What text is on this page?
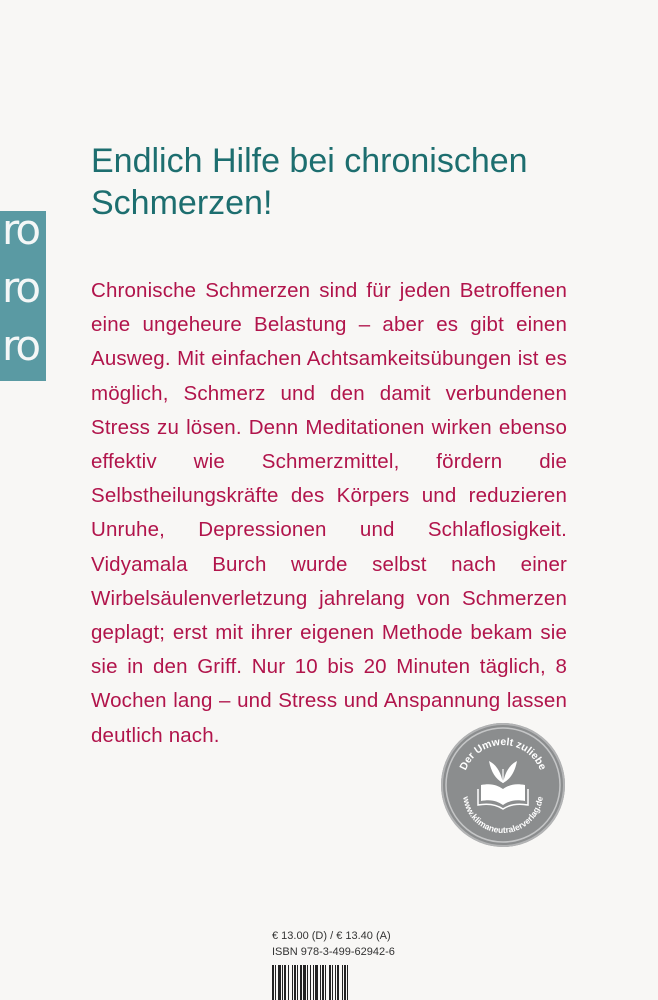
ro
ro
ro
Endlich Hilfe bei chronischen Schmerzen!

Chronische Schmerzen sind für jeden Betroffenen eine ungeheure Belastung – aber es gibt einen Ausweg. Mit einfachen Achtsamkeitsübungen ist es möglich, Schmerz und den damit verbundenen Stress zu lösen. Denn Meditationen wirken ebenso effektiv wie Schmerzmittel, fördern die Selbstheilungskräfte des Körpers und reduzieren Unruhe, Depressionen und Schlaflosigkeit. Vidyamala Burch wurde selbst nach einer Wirbelsäulenverletzung jahrelang von Schmerzen geplagt; erst mit ihrer eigenen Methode bekam sie sie in den Griff. Nur 10 bis 20 Minuten täglich, 8 Wochen lang – und Stress und Anspannung lassen deutlich nach.

Der Umwelt zuliebe
www.klimaneutralerverlag.de
€ 13.00 (D) / € 13.40 (A)
ISBN 978-3-499-62942-6
